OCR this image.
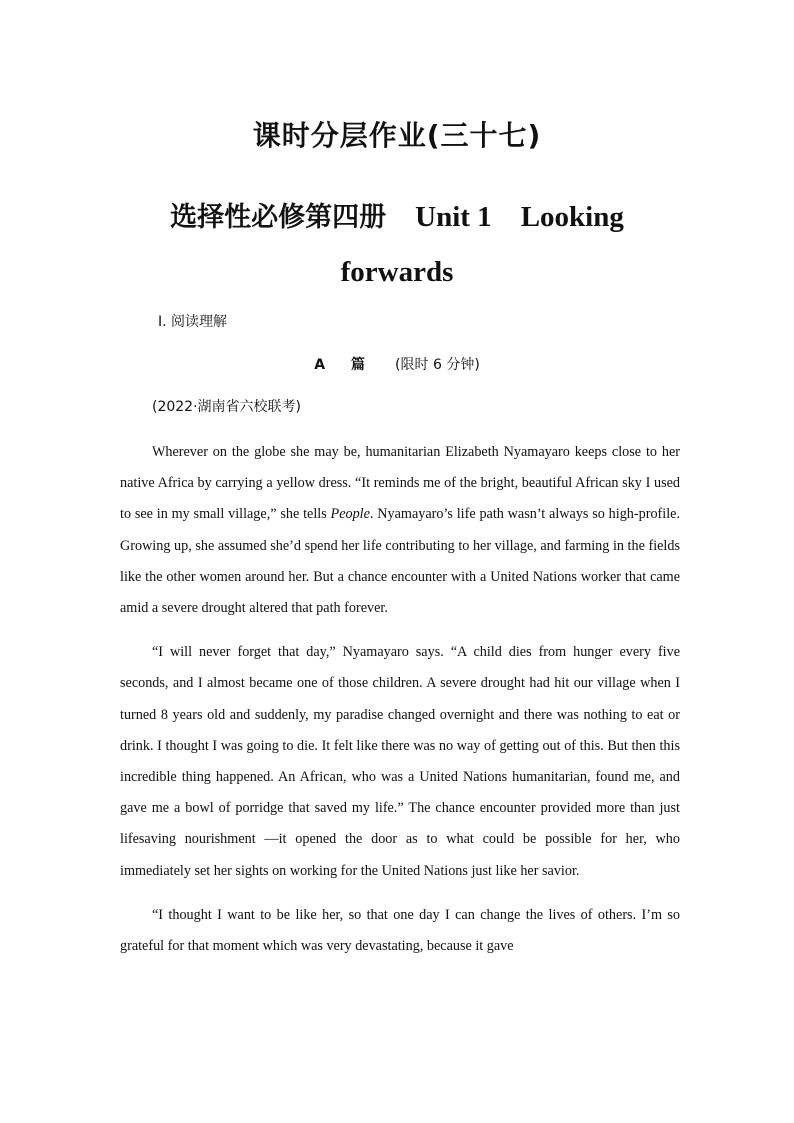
课时分层作业(三十七)
选择性必修第四册 Unit 1 Looking
forwards
Ⅰ. 阅读理解
A 篇 (限时 6 分钟)
(2022·湖南省六校联考)

Wherever on the globe she may be, humanitarian Elizabeth Nyamayaro keeps close to her native Africa by carrying a yellow dress. “It reminds me of the bright, beautiful African sky I used to see in my small village,” she tells People. Nyamayaro’s life path wasn’t always so high-profile. Growing up, she assumed she’d spend her life contributing to her village, and farming in the fields like the other women around her. But a chance encounter with a United Nations worker that came amid a severe drought altered that path forever.

“I will never forget that day,” Nyamayaro says. “A child dies from hunger every five seconds, and I almost became one of those children. A severe drought had hit our village when I turned 8 years old and suddenly, my paradise changed overnight and there was nothing to eat or drink. I thought I was going to die. It felt like there was no way of getting out of this. But then this incredible thing happened. An African, who was a United Nations humanitarian, found me, and gave me a bowl of porridge that saved my life.” The chance encounter provided more than just lifesaving nourishment —it opened the door as to what could be possible for her, who immediately set her sights on working for the United Nations just like her savior.

“I thought I want to be like her, so that one day I can change the lives of others. I’m so grateful for that moment which was very devastating, because it gave
